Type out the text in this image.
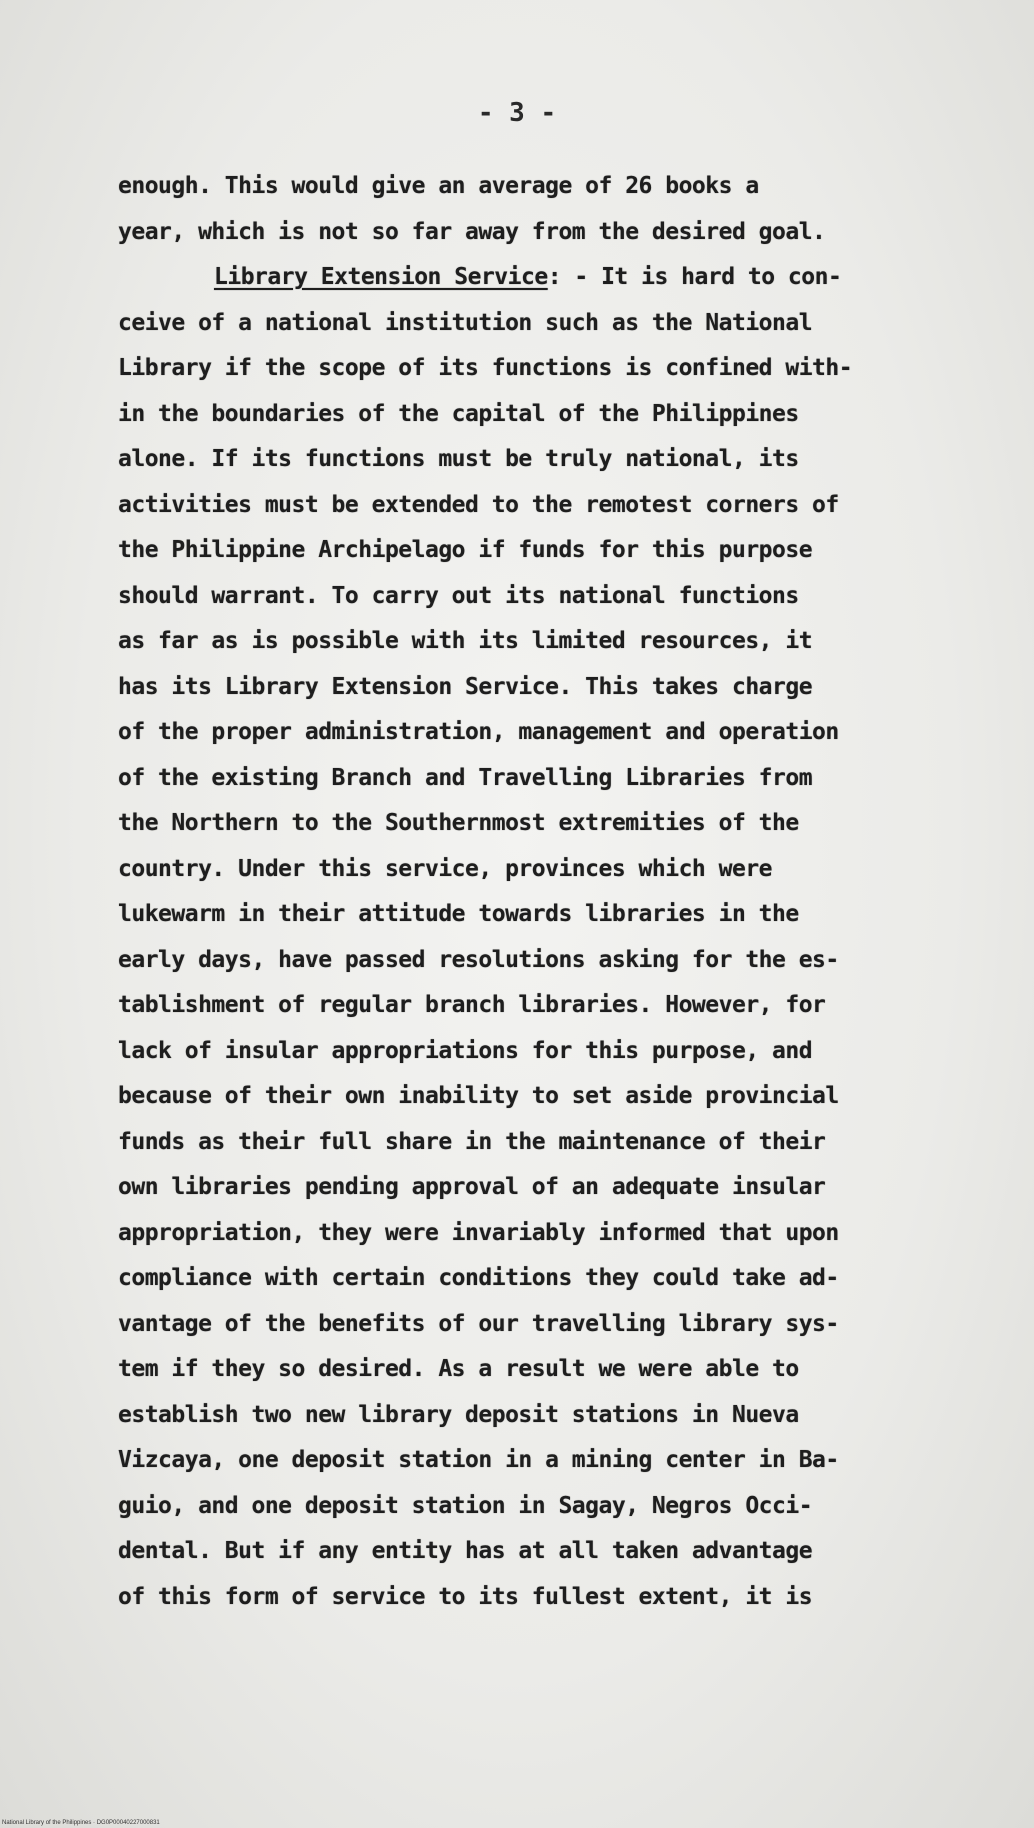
- 3 -
enough. This would give an average of 26 books a
year, which is not so far away from the desired goal.
Library Extension Service: - It is hard to con-
ceive of a national institution such as the National
Library if the scope of its functions is confined with-
in the boundaries of the capital of the Philippines
alone. If its functions must be truly national, its
activities must be extended to the remotest corners of
the Philippine Archipelago if funds for this purpose
should warrant. To carry out its national functions
as far as is possible with its limited resources, it
has its Library Extension Service. This takes charge
of the proper administration, management and operation
of the existing Branch and Travelling Libraries from
the Northern to the Southernmost extremities of the
country. Under this service, provinces which were
lukewarm in their attitude towards libraries in the
early days, have passed resolutions asking for the es-
tablishment of regular branch libraries. However, for
lack of insular appropriations for this purpose, and
because of their own inability to set aside provincial
funds as their full share in the maintenance of their
own libraries pending approval of an adequate insular
appropriation, they were invariably informed that upon
compliance with certain conditions they could take ad-
vantage of the benefits of our travelling library sys-
tem if they so desired. As a result we were able to
establish two new library deposit stations in Nueva
Vizcaya, one deposit station in a mining center in Ba-
guio, and one deposit station in Sagay, Negros Occi-
dental. But if any entity has at all taken advantage
of this form of service to its fullest extent, it is
National Library of the Philippines · DG0P00040227000831
